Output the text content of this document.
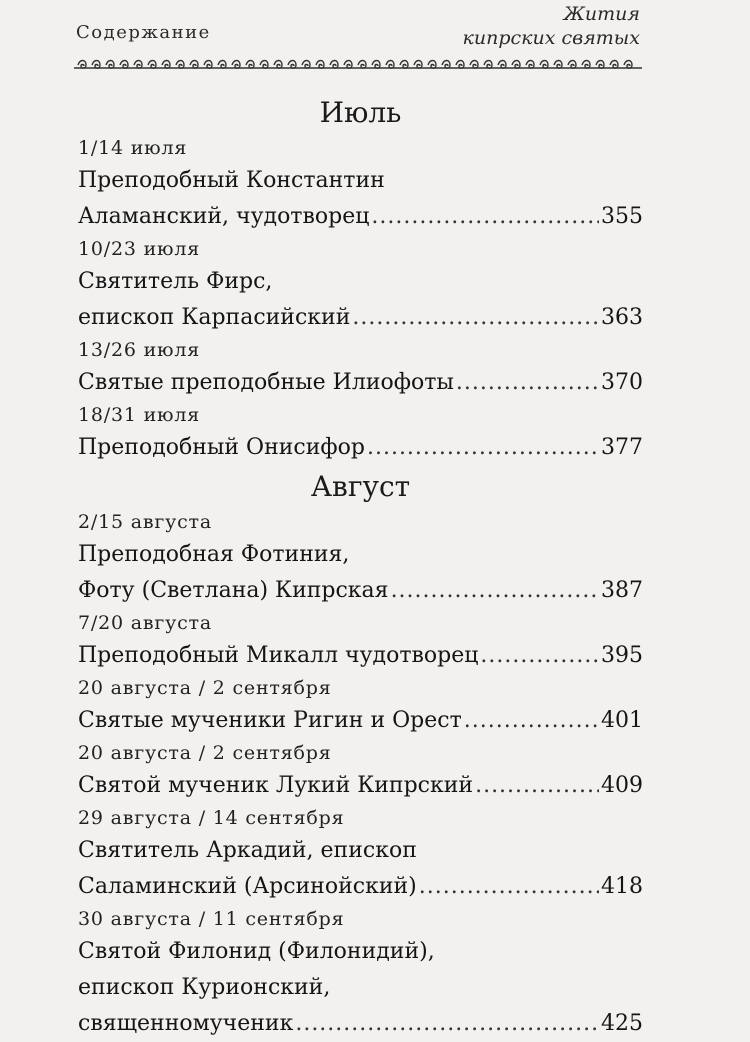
Содержание
Жития
кипрских святых
Июль
1/14 июля
Преподобный Константин
Аламанский, чудотворец .....	355
10/23 июля
Святитель Фирс,
епископ Карпасийский .....	363
13/26 июля
Святые преподобные Илиофоты .....	370
18/31 июля
Преподобный Онисифор .....	377
Август
2/15 августа
Преподобная Фотиния,
Фоту (Светлана) Кипрская .....	387
7/20 августа
Преподобный Микалл чудотворец .....	395
20 августа / 2 сентября
Святые мученики Ригин и Орест .....	401
20 августа / 2 сентября
Святой мученик Лукий Кипрский .....	409
29 августа / 14 сентября
Святитель Аркадий, епископ
Саламинский (Арсинойский) .....	418
30 августа / 11 сентября
Святой Филонид (Филонидий),
епископ Курионский,
священномученик .....	425
